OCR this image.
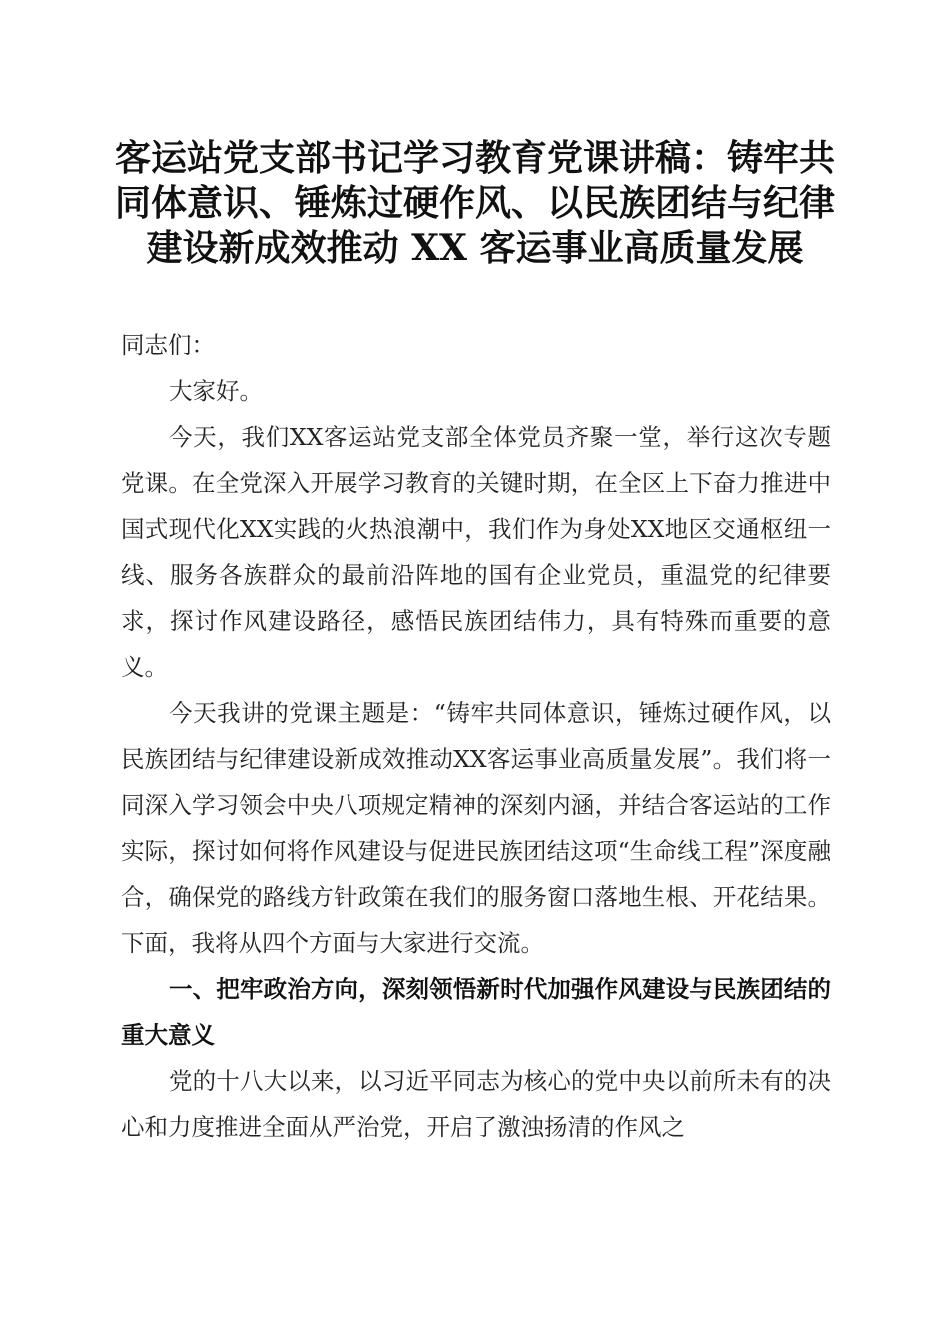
客运站党支部书记学习教育党课讲稿：铸牢共
同体意识、锤炼过硬作风、以民族团结与纪律
建设新成效推动 XX 客运事业高质量发展

同志们：

大家好。

今天，我们XX客运站党支部全体党员齐聚一堂，举行这次专题党课。在全党深入开展学习教育的关键时期，在全区上下奋力推进中国式现代化XX实践的火热浪潮中，我们作为身处XX地区交通枢纽一线、服务各族群众的最前沿阵地的国有企业党员，重温党的纪律要求，探讨作风建设路径，感悟民族团结伟力，具有特殊而重要的意义。

今天我讲的党课主题是：“铸牢共同体意识，锤炼过硬作风，以民族团结与纪律建设新成效推动XX客运事业高质量发展”。我们将一同深入学习领会中央八项规定精神的深刻内涵，并结合客运站的工作实际，探讨如何将作风建设与促进民族团结这项“生命线工程”深度融合，确保党的路线方针政策在我们的服务窗口落地生根、开花结果。下面，我将从四个方面与大家进行交流。

一、把牢政治方向，深刻领悟新时代加强作风建设与民族团结的重大意义

党的十八大以来，以习近平同志为核心的党中央以前所未有的决心和力度推进全面从严治党，开启了激浊扬清的作风之
